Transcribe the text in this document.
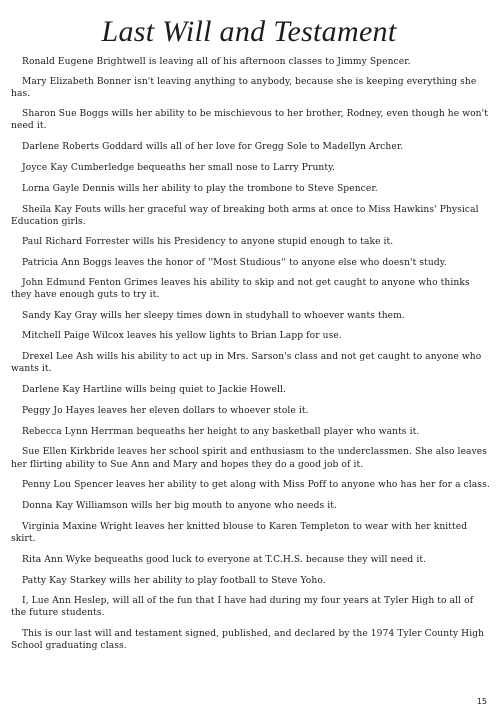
Last Will and Testament

Ronald Eugene Brightwell is leaving all of his afternoon classes to Jimmy Spencer.

Mary Elizabeth Bonner isn't leaving anything to anybody, because she is keeping everything she has.

Sharon Sue Boggs wills her ability to be mischievous to her brother, Rodney, even though he won't need it.

Darlene Roberts Goddard wills all of her love for Gregg Sole to Madellyn Archer.

Joyce Kay Cumberledge bequeaths her small nose to Larry Prunty.

Lorna Gayle Dennis wills her ability to play the trombone to Steve Spencer.

Sheila Kay Fouts wills her graceful way of breaking both arms at once to Miss Hawkins' Physical Education girls.

Paul Richard Forrester wills his Presidency to anyone stupid enough to take it.

Patricia Ann Boggs leaves the honor of ''Most Studious'' to anyone else who doesn't study.

John Edmund Fenton Grimes leaves his ability to skip and not get caught to anyone who thinks they have enough guts to try it.

Sandy Kay Gray wills her sleepy times down in studyhall to whoever wants them.

Mitchell Paige Wilcox leaves his yellow lights to Brian Lapp for use.

Drexel Lee Ash wills his ability to act up in Mrs. Sarson's class and not get caught to anyone who wants it.

Darlene Kay Hartline wills being quiet to Jackie Howell.

Peggy Jo Hayes leaves her eleven dollars to whoever stole it.

Rebecca Lynn Herrman bequeaths her height to any basketball player who wants it.

Sue Ellen Kirkbride leaves her school spirit and enthusiasm to the underclassmen. She also leaves her flirting ability to Sue Ann and Mary and hopes they do a good job of it.

Penny Lou Spencer leaves her ability to get along with Miss Poff to anyone who has her for a class.

Donna Kay Williamson wills her big mouth to anyone who needs it.

Virginia Maxine Wright leaves her knitted blouse to Karen Templeton to wear with her knitted skirt.

Rita Ann Wyke bequeaths good luck to everyone at T.C.H.S. because they will need it.

Patty Kay Starkey wills her ability to play football to Steve Yoho.

I, Lue Ann Heslep, will all of the fun that I have had during my four years at Tyler High to all of the future students.

This is our last will and testament signed, published, and declared by the 1974 Tyler County High School graduating class.

15
